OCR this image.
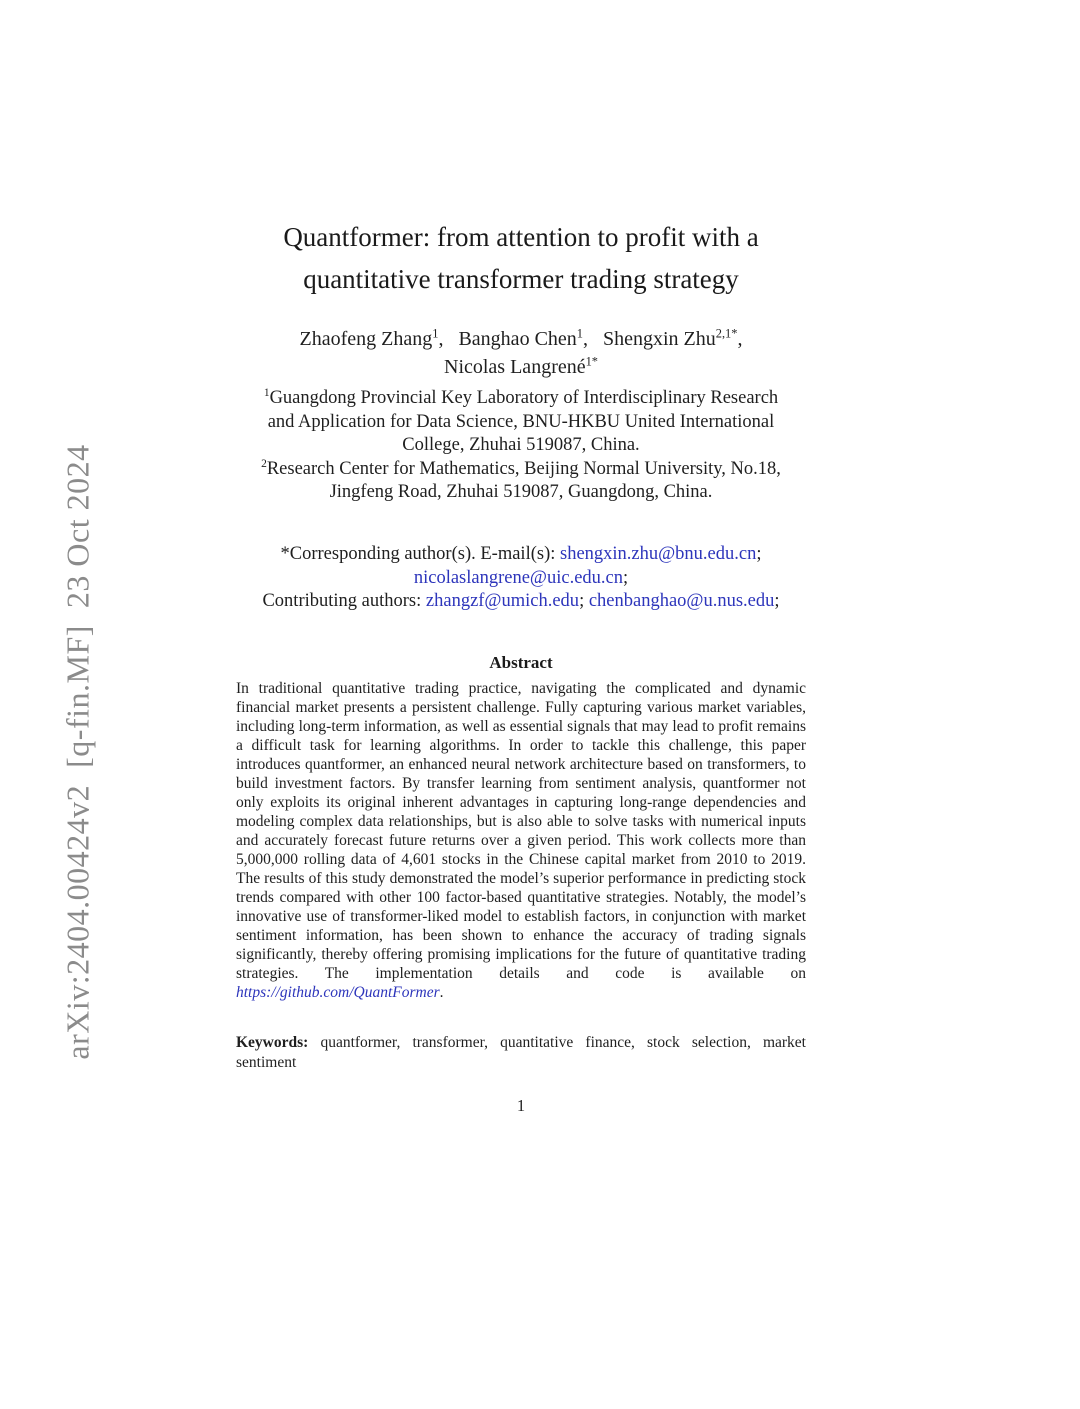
arXiv:2404.00424v2  [q-fin.MF]  23 Oct 2024
Quantformer: from attention to profit with a
quantitative transformer trading strategy
Zhaofeng Zhang$^1$,  Banghao Chen$^1$,  Shengxin Zhu$^{2,1*}$,
Nicolas Langrené$^{1*}$
$^1$Guangdong Provincial Key Laboratory of Interdisciplinary Research
and Application for Data Science, BNU-HKBU United International
College, Zhuhai 519087, China.
$^2$Research Center for Mathematics, Beijing Normal University, No.18,
Jingfeng Road, Zhuhai 519087, Guangdong, China.
*Corresponding author(s). E-mail(s): shengxin.zhu@bnu.edu.cn;
nicolaslangrene@uic.edu.cn;
Contributing authors: zhangzf@umich.edu; chenbanghao@u.nus.edu;
Abstract

In traditional quantitative trading practice, navigating the complicated and dynamic financial market presents a persistent challenge. Fully capturing various market variables, including long-term information, as well as essential signals that may lead to profit remains a difficult task for learning algorithms. In order to tackle this challenge, this paper introduces quantformer, an enhanced neural network architecture based on transformers, to build investment factors. By transfer learning from sentiment analysis, quantformer not only exploits its original inherent advantages in capturing long-range dependencies and modeling complex data relationships, but is also able to solve tasks with numerical inputs and accurately forecast future returns over a given period. This work collects more than 5,000,000 rolling data of 4,601 stocks in the Chinese capital market from 2010 to 2019. The results of this study demonstrated the model’s superior performance in predicting stock trends compared with other 100 factor-based quantitative strategies. Notably, the model’s innovative use of transformer-liked model to establish factors, in conjunction with market sentiment information, has been shown to enhance the accuracy of trading signals significantly, thereby offering promising implications for the future of quantitative trading strategies. The implementation details and code is available on https://github.com/QuantFormer.

Keywords: quantformer, transformer, quantitative finance, stock selection, market sentiment

1
